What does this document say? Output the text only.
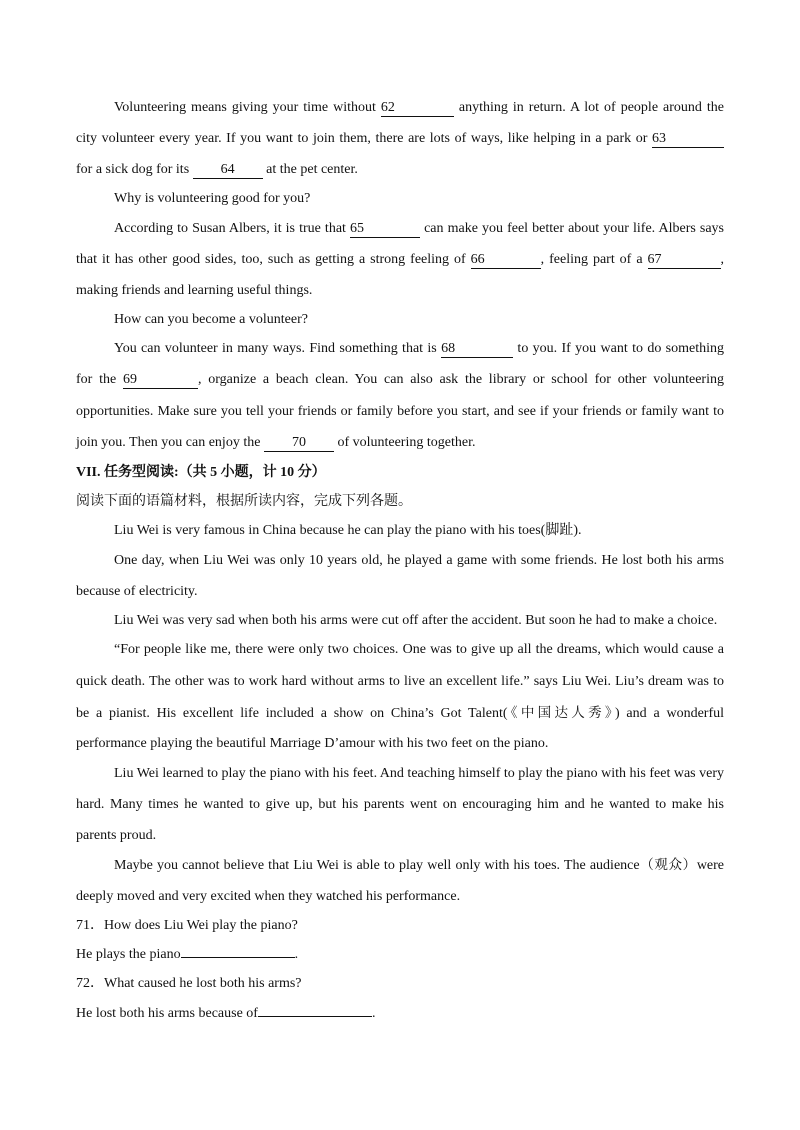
Volunteering means giving your time without 62	anything in return. A lot of people around the
city volunteer every year. If you want to join them, there are lots of ways, like helping in a park or 63
for a sick dog for its 64 at the pet center.
Why is volunteering good for you?
According to Susan Albers, it is true that 65	can make you feel better about your life. Albers says
that it has other good sides, too, such as getting a strong feeling of 66	, feeling part of a 67	,
making friends and learning useful things.
How can you become a volunteer?
You can volunteer in many ways. Find something that is 68	to you. If you want to do something
for the 69	, organize a beach clean. You can also ask the library or school for other volunteering
opportunities. Make sure you tell your friends or family before you start, and see if your friends or family want to
join you. Then you can enjoy the 70 of volunteering together.
VII. 任务型阅读:（共 5 小题，计 10 分）
阅读下面的语篇材料，根据所读内容，完成下列各题。
Liu Wei is very famous in China because he can play the piano with his toes(脚趾).
One day, when Liu Wei was only 10 years old, he played a game with some friends. He lost both his arms
because of electricity.
Liu Wei was very sad when both his arms were cut off after the accident. But soon he had to make a choice.
“For people like me, there were only two choices. One was to give up all the dreams, which would cause a
quick death. The other was to work hard without arms to live an excellent life.” says Liu Wei. Liu’s dream was to
be a pianist. His excellent life included a show on China’s Got Talent(《中国达人秀》) and a wonderful
performance playing the beautiful Marriage D’amour with his two feet on the piano.
Liu Wei learned to play the piano with his feet. And teaching himself to play the piano with his feet was very
hard. Many times he wanted to give up, but his parents went on encouraging him and he wanted to make his
parents proud.
Maybe you cannot believe that Liu Wei is able to play well only with his toes. The audience（观众）were
deeply moved and very excited when they watched his performance.
71．How does Liu Wei play the piano?
He plays the piano	.
72．What caused he lost both his arms?
He lost both his arms because of	.
